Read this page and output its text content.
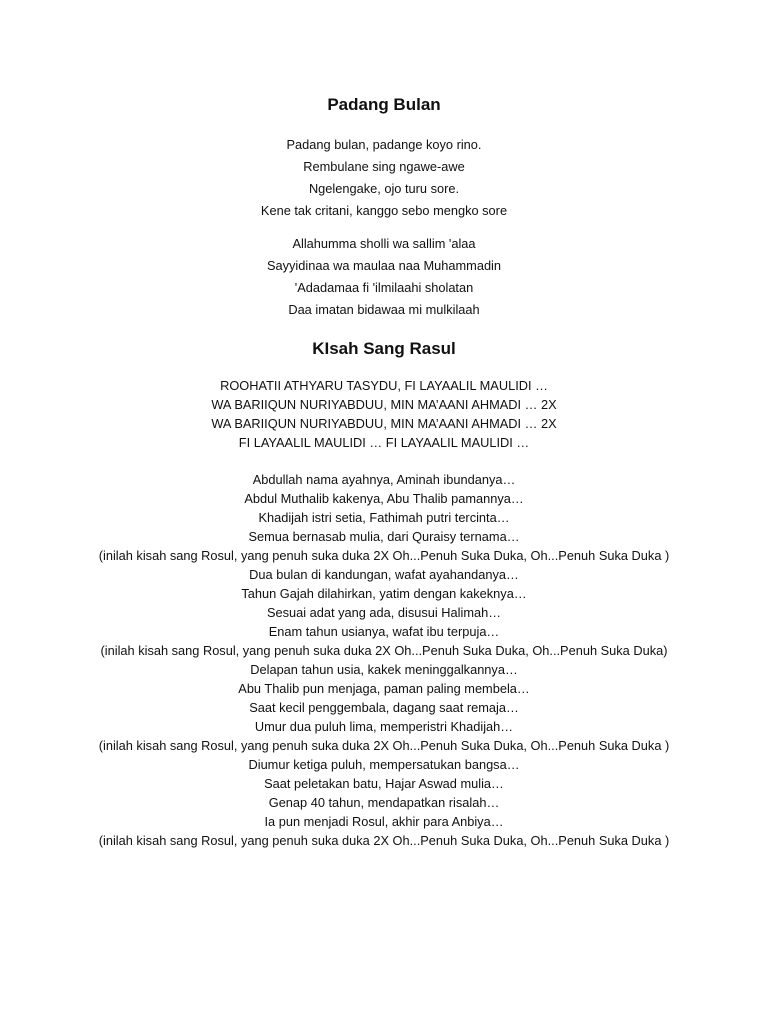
Padang Bulan
Padang bulan, padange koyo rino.
Rembulane sing ngawe-awe
Ngelengake, ojo turu sore.
Kene tak critani, kanggo sebo mengko sore
Allahumma sholli wa sallim 'alaa
Sayyidinaa wa maulaa naa Muhammadin
'Adadamaa fi 'ilmilaahi sholatan
Daa imatan bidawaa mi mulkilaah
KIsah Sang Rasul
ROOHATII ATHYARU TASYDU, FI LAYAALIL MAULIDI …
WA BARIIQUN NURIYABDUU, MIN MA’AANI AHMADI … 2X
WA BARIIQUN NURIYABDUU, MIN MA’AANI AHMADI … 2X
FI LAYAALIL MAULIDI … FI LAYAALIL MAULIDI …
Abdullah nama ayahnya, Aminah ibundanya…
Abdul Muthalib kakenya, Abu Thalib pamannya…
Khadijah istri setia, Fathimah putri tercinta…
Semua bernasab mulia, dari Quraisy ternama…
(inilah kisah sang Rosul, yang penuh suka duka 2X Oh...Penuh Suka Duka, Oh...Penuh Suka Duka )
Dua bulan di kandungan, wafat ayahandanya…
Tahun Gajah dilahirkan, yatim dengan kakeknya…
Sesuai adat yang ada, disusui Halimah…
Enam tahun usianya, wafat ibu terpuja…
(inilah kisah sang Rosul, yang penuh suka duka 2X Oh...Penuh Suka Duka, Oh...Penuh Suka Duka)
Delapan tahun usia, kakek meninggalkannya…
Abu Thalib pun menjaga, paman paling membela…
Saat kecil penggembala, dagang saat remaja…
Umur dua puluh lima, memperistri Khadijah…
(inilah kisah sang Rosul, yang penuh suka duka 2X Oh...Penuh Suka Duka, Oh...Penuh Suka Duka )
Diumur ketiga puluh, mempersatukan bangsa…
Saat peletakan batu, Hajar Aswad mulia…
Genap 40 tahun, mendapatkan risalah…
Ia pun menjadi Rosul, akhir para Anbiya…
(inilah kisah sang Rosul, yang penuh suka duka 2X Oh...Penuh Suka Duka, Oh...Penuh Suka Duka )
